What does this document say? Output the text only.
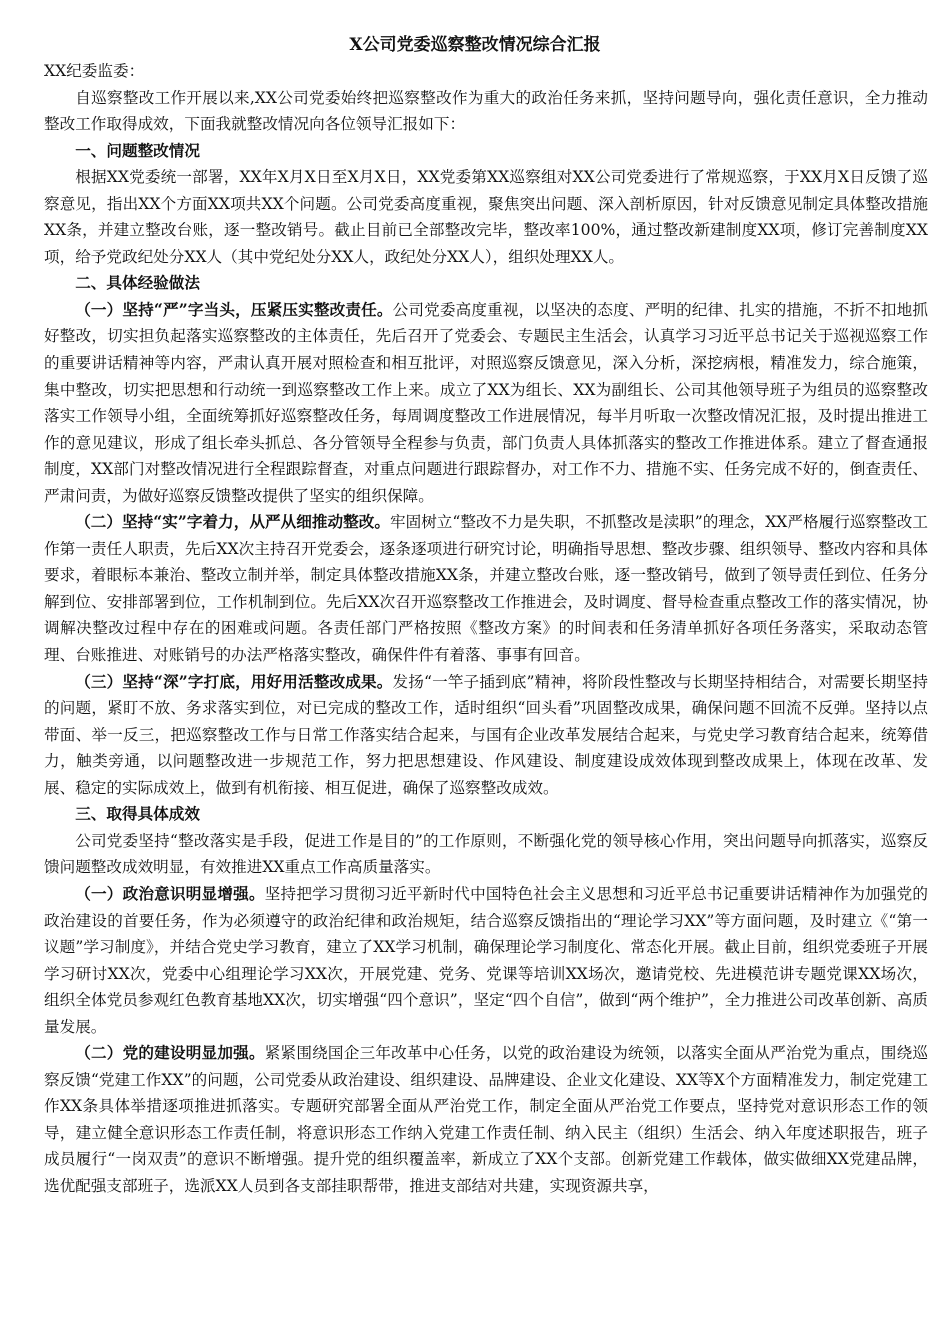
X公司党委巡察整改情况综合汇报

XX纪委监委：

自巡察整改工作开展以来,XX公司党委始终把巡察整改作为重大的政治任务来抓，坚持问题导向，强化责任意识，全力推动整改工作取得成效，下面我就整改情况向各位领导汇报如下：

一、问题整改情况

根据XX党委统一部署，XX年X月X日至X月X日，XX党委第XX巡察组对XX公司党委进行了常规巡察，于XX月X日反馈了巡察意见，指出XX个方面XX项共XX个问题。公司党委高度重视，聚焦突出问题、深入剖析原因，针对反馈意见制定具体整改措施XX条，并建立整改台账，逐一整改销号。截止目前已全部整改完毕，整改率100%，通过整改新建制度XX项，修订完善制度XX项，给予党政纪处分XX人（其中党纪处分XX人，政纪处分XX人），组织处理XX人。

二、具体经验做法

（一）坚持“严”字当头，压紧压实整改责任。公司党委高度重视，以坚决的态度、严明的纪律、扎实的措施，不折不扣地抓好整改，切实担负起落实巡察整改的主体责任，先后召开了党委会、专题民主生活会，认真学习习近平总书记关于巡视巡察工作的重要讲话精神等内容，严肃认真开展对照检查和相互批评，对照巡察反馈意见，深入分析，深挖病根，精准发力，综合施策，集中整改，切实把思想和行动统一到巡察整改工作上来。成立了XX为组长、XX为副组长、公司其他领导班子为组员的巡察整改落实工作领导小组，全面统筹抓好巡察整改任务，每周调度整改工作进展情况，每半月听取一次整改情况汇报，及时提出推进工作的意见建议，形成了组长牵头抓总、各分管领导全程参与负责，部门负责人具体抓落实的整改工作推进体系。建立了督查通报制度，XX部门对整改情况进行全程跟踪督查，对重点问题进行跟踪督办，对工作不力、措施不实、任务完成不好的，倒查责任、严肃问责，为做好巡察反馈整改提供了坚实的组织保障。

（二）坚持“实”字着力，从严从细推动整改。牢固树立“整改不力是失职，不抓整改是渎职”的理念，XX严格履行巡察整改工作第一责任人职责，先后XX次主持召开党委会，逐条逐项进行研究讨论，明确指导思想、整改步骤、组织领导、整改内容和具体要求，着眼标本兼治、整改立制并举，制定具体整改措施XX条，并建立整改台账，逐一整改销号，做到了领导责任到位、任务分解到位、安排部署到位，工作机制到位。先后XX次召开巡察整改工作推进会，及时调度、督导检查重点整改工作的落实情况，协调解决整改过程中存在的困难或问题。各责任部门严格按照《整改方案》的时间表和任务清单抓好各项任务落实，采取动态管理、台账推进、对账销号的办法严格落实整改，确保件件有着落、事事有回音。

（三）坚持“深”字打底，用好用活整改成果。发扬“一竿子插到底”精神，将阶段性整改与长期坚持相结合，对需要长期坚持的问题，紧盯不放、务求落实到位，对已完成的整改工作，适时组织“回头看”巩固整改成果，确保问题不回流不反弹。坚持以点带面、举一反三，把巡察整改工作与日常工作落实结合起来，与国有企业改革发展结合起来，与党史学习教育结合起来，统筹借力，触类旁通，以问题整改进一步规范工作，努力把思想建设、作风建设、制度建设成效体现到整改成果上，体现在改革、发展、稳定的实际成效上，做到有机衔接、相互促进，确保了巡察整改成效。

三、取得具体成效

公司党委坚持“整改落实是手段，促进工作是目的”的工作原则，不断强化党的领导核心作用，突出问题导向抓落实，巡察反馈问题整改成效明显，有效推进XX重点工作高质量落实。

（一）政治意识明显增强。坚持把学习贯彻习近平新时代中国特色社会主义思想和习近平总书记重要讲话精神作为加强党的政治建设的首要任务，作为必须遵守的政治纪律和政治规矩，结合巡察反馈指出的“理论学习XX”等方面问题，及时建立《“第一议题”学习制度》，并结合党史学习教育，建立了XX学习机制，确保理论学习制度化、常态化开展。截止目前，组织党委班子开展学习研讨XX次，党委中心组理论学习XX次，开展党建、党务、党课等培训XX场次，邀请党校、先进模范讲专题党课XX场次，组织全体党员参观红色教育基地XX次，切实增强“四个意识”，坚定“四个自信”，做到“两个维护”，全力推进公司改革创新、高质量发展。

（二）党的建设明显加强。紧紧围绕国企三年改革中心任务，以党的政治建设为统领，以落实全面从严治党为重点，围绕巡察反馈“党建工作XX”的问题，公司党委从政治建设、组织建设、品牌建设、企业文化建设、XX等X个方面精准发力，制定党建工作XX条具体举措逐项推进抓落实。专题研究部署全面从严治党工作，制定全面从严治党工作要点，坚持党对意识形态工作的领导，建立健全意识形态工作责任制，将意识形态工作纳入党建工作责任制、纳入民主（组织）生活会、纳入年度述职报告，班子成员履行“一岗双责”的意识不断增强。提升党的组织覆盖率，新成立了XX个支部。创新党建工作载体，做实做细XX党建品牌，选优配强支部班子，选派XX人员到各支部挂职帮带，推进支部结对共建，实现资源共享，
